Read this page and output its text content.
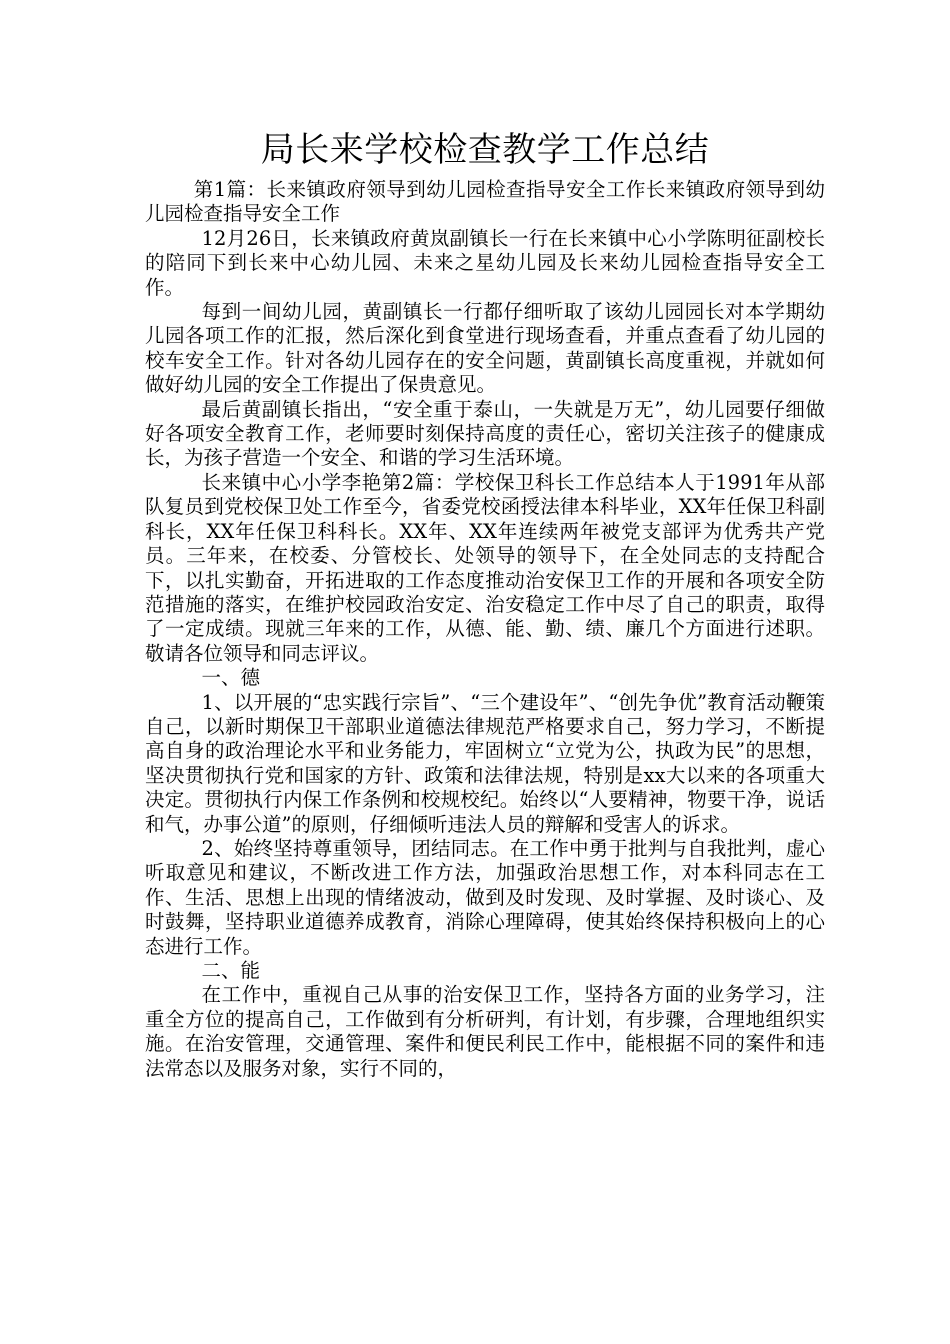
局长来学校检查教学工作总结

第1篇：长来镇政府领导到幼儿园检查指导安全工作长来镇政府领导到幼儿园检查指导安全工作

12月26日，长来镇政府黄岚副镇长一行在长来镇中心小学陈明征副校长的陪同下到长来中心幼儿园、未来之星幼儿园及长来幼儿园检查指导安全工作。

每到一间幼儿园，黄副镇长一行都仔细听取了该幼儿园园长对本学期幼儿园各项工作的汇报，然后深化到食堂进行现场查看，并重点查看了幼儿园的校车安全工作。针对各幼儿园存在的安全问题，黄副镇长高度重视，并就如何做好幼儿园的安全工作提出了保贵意见。

最后黄副镇长指出，“安全重于泰山，一失就是万无”，幼儿园要仔细做好各项安全教育工作，老师要时刻保持高度的责任心，密切关注孩子的健康成长，为孩子营造一个安全、和谐的学习生活环境。

长来镇中心小学李艳第2篇：学校保卫科长工作总结本人于1991年从部队复员到党校保卫处工作至今，省委党校函授法律本科毕业，XX年任保卫科副科长，XX年任保卫科科长。XX年、XX年连续两年被党支部评为优秀共产党员。三年来，在校委、分管校长、处领导的领导下，在全处同志的支持配合下，以扎实勤奋，开拓进取的工作态度推动治安保卫工作的开展和各项安全防范措施的落实，在维护校园政治安定、治安稳定工作中尽了自己的职责，取得了一定成绩。现就三年来的工作，从德、能、勤、绩、廉几个方面进行述职。敬请各位领导和同志评议。

一、德

1、以开展的“忠实践行宗旨”、“三个建设年”、“创先争优”教育活动鞭策自己，以新时期保卫干部职业道德法律规范严格要求自己，努力学习，不断提高自身的政治理论水平和业务能力，牢固树立“立党为公，执政为民”的思想，坚决贯彻执行党和国家的方针、政策和法律法规，特别是xx大以来的各项重大决定。贯彻执行内保工作条例和校规校纪。始终以“人要精神，物要干净，说话和气，办事公道”的原则，仔细倾听违法人员的辩解和受害人的诉求。

2、始终坚持尊重领导，团结同志。在工作中勇于批判与自我批判，虚心听取意见和建议，不断改进工作方法，加强政治思想工作，对本科同志在工作、生活、思想上出现的情绪波动，做到及时发现、及时掌握、及时谈心、及时鼓舞，坚持职业道德养成教育，消除心理障碍，使其始终保持积极向上的心态进行工作。

二、能

在工作中，重视自己从事的治安保卫工作，坚持各方面的业务学习，注重全方位的提高自己，工作做到有分析研判，有计划，有步骤，合理地组织实施。在治安管理，交通管理、案件和便民利民工作中，能根据不同的案件和违法常态以及服务对象，实行不同的，
